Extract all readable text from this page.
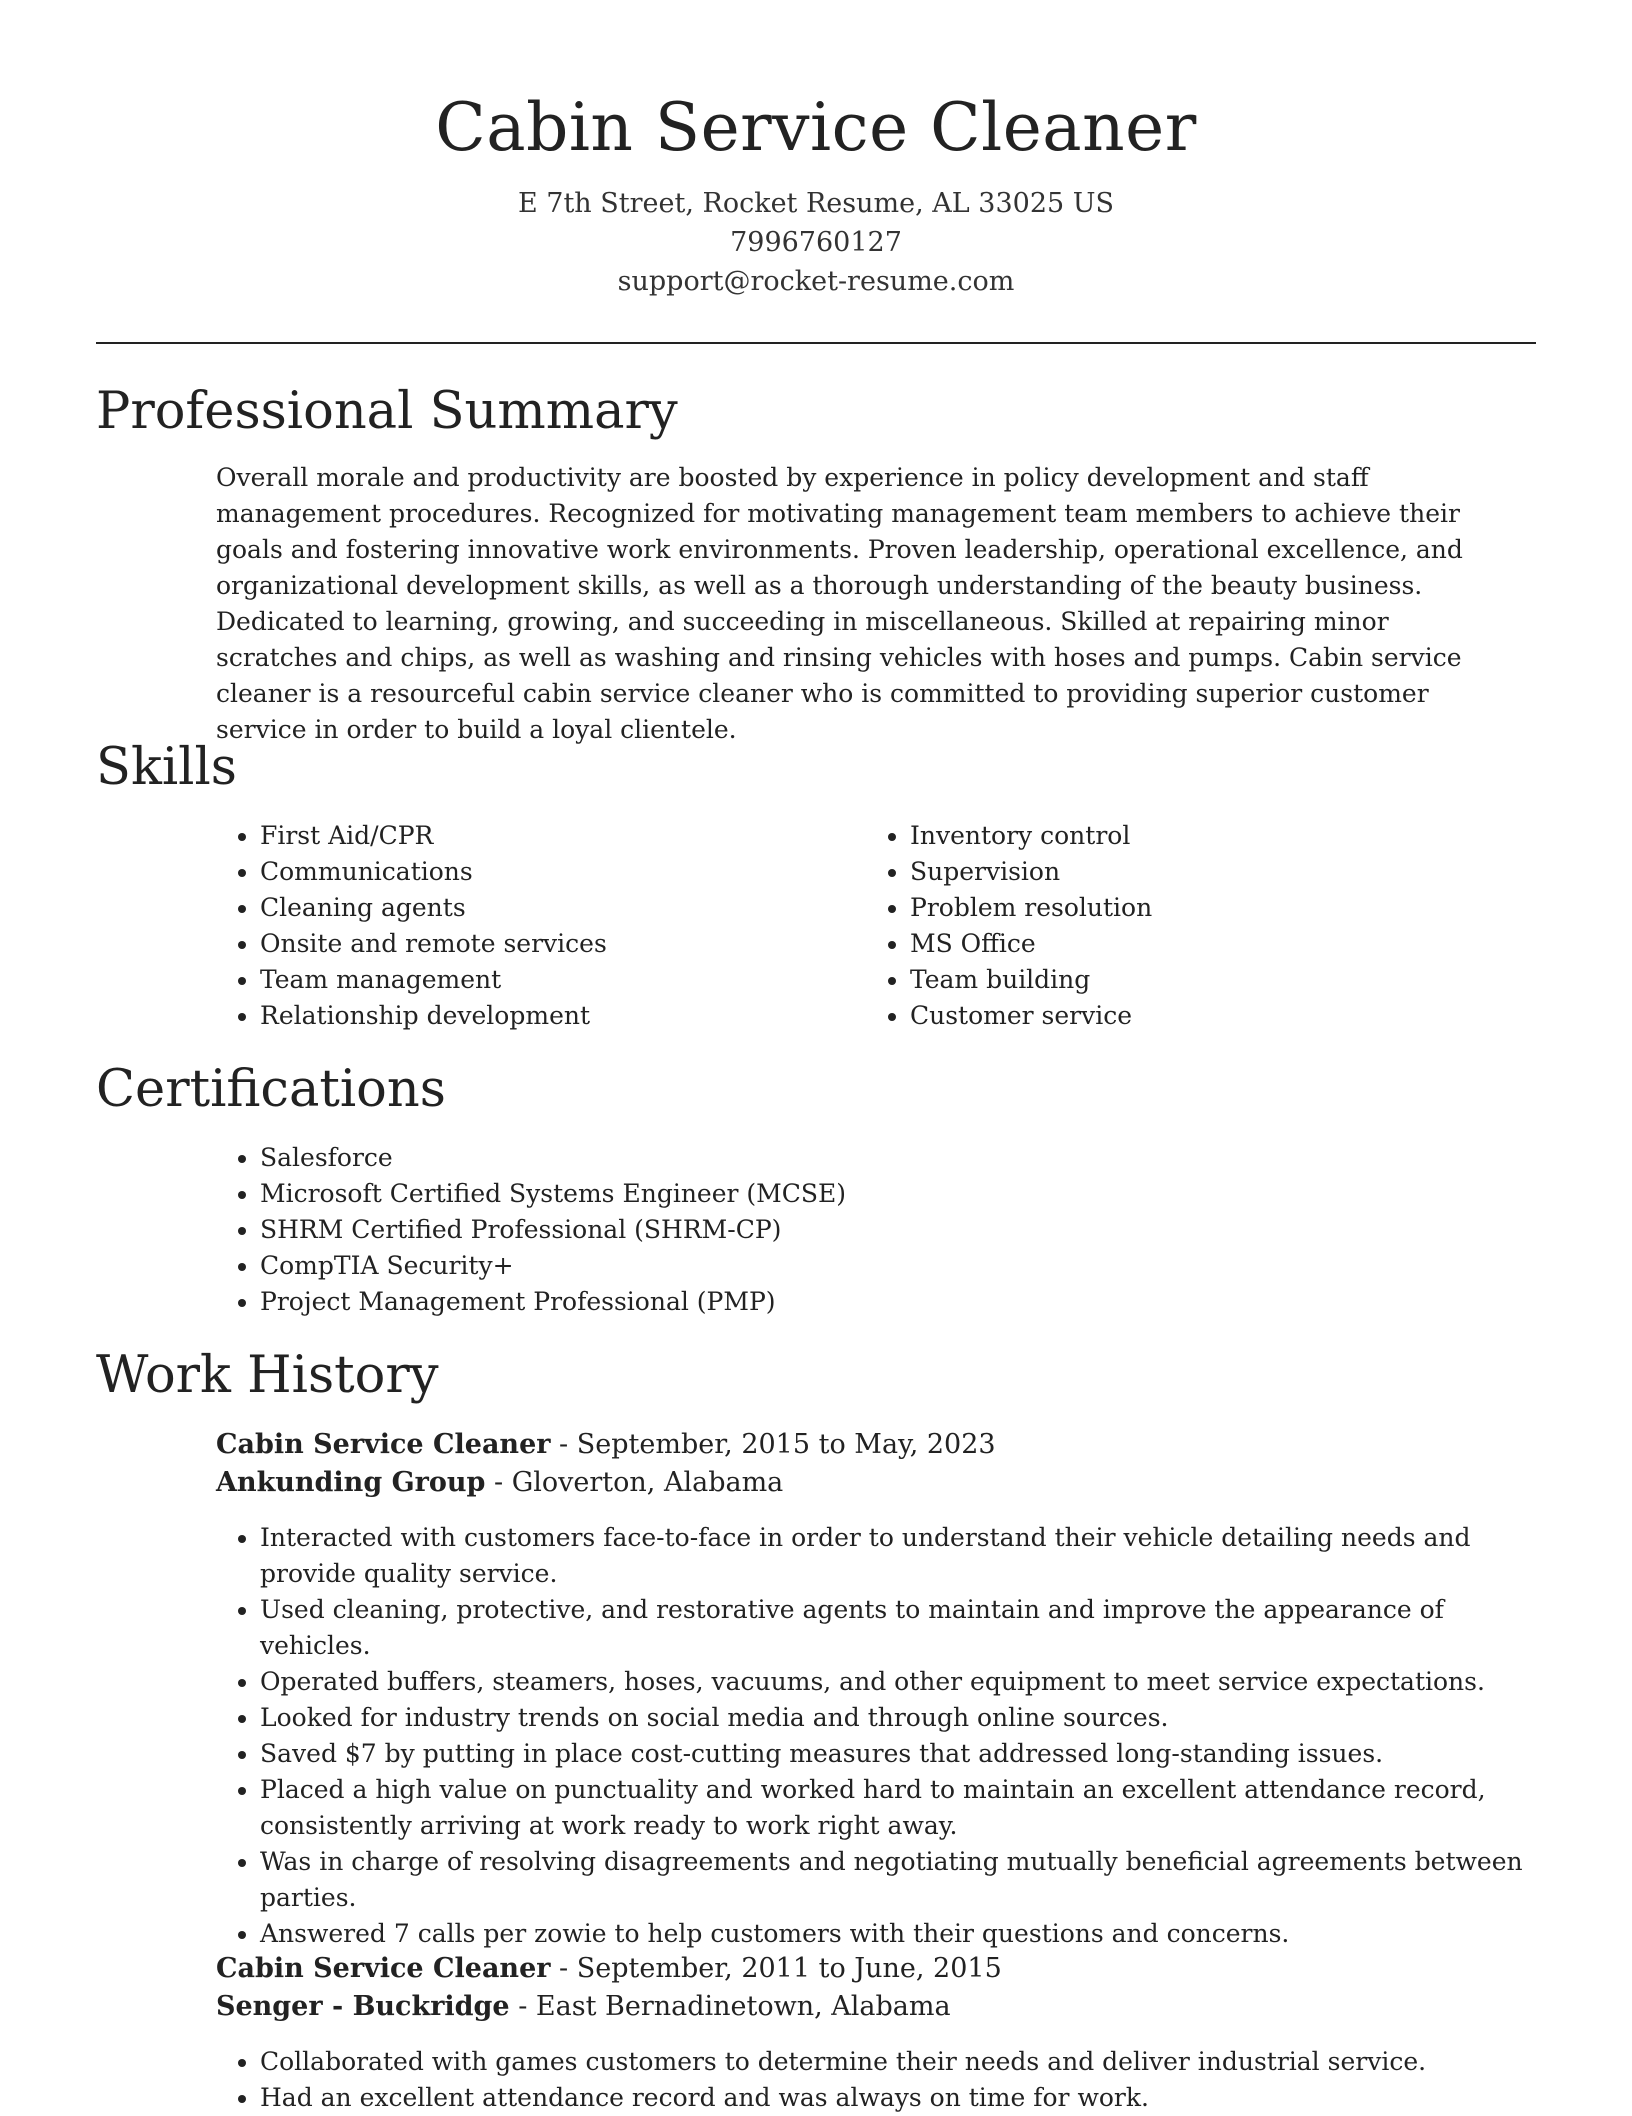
Cabin Service Cleaner
E 7th Street, Rocket Resume, AL 33025 US
7996760127
support@rocket-resume.com
Professional Summary

Overall morale and productivity are boosted by experience in policy development and staff management procedures. Recognized for motivating management team members to achieve their goals and fostering innovative work environments. Proven leadership, operational excellence, and organizational development skills, as well as a thorough understanding of the beauty business. Dedicated to learning, growing, and succeeding in miscellaneous. Skilled at repairing minor scratches and chips, as well as washing and rinsing vehicles with hoses and pumps. Cabin service cleaner is a resourceful cabin service cleaner who is committed to providing superior customer service in order to build a loyal clientele.

Skills
• First Aid/CPR
• Communications
• Cleaning agents
• Onsite and remote services
• Team management
• Relationship development
• Inventory control
• Supervision
• Problem resolution
• MS Office
• Team building
• Customer service
Certifications
• Salesforce
• Microsoft Certified Systems Engineer (MCSE)
• SHRM Certified Professional (SHRM-CP)
• CompTIA Security+
• Project Management Professional (PMP)
Work History
Cabin Service Cleaner - September, 2015 to May, 2023
Ankunding Group - Gloverton, Alabama
• Interacted with customers face-to-face in order to understand their vehicle detailing needs and provide quality service.
• Used cleaning, protective, and restorative agents to maintain and improve the appearance of vehicles.
• Operated buffers, steamers, hoses, vacuums, and other equipment to meet service expectations.
• Looked for industry trends on social media and through online sources.
• Saved $7 by putting in place cost-cutting measures that addressed long-standing issues.
• Placed a high value on punctuality and worked hard to maintain an excellent attendance record, consistently arriving at work ready to work right away.
• Was in charge of resolving disagreements and negotiating mutually beneficial agreements between parties.
• Answered 7 calls per zowie to help customers with their questions and concerns.
Cabin Service Cleaner - September, 2011 to June, 2015
Senger - Buckridge - East Bernadinetown, Alabama
• Collaborated with games customers to determine their needs and deliver industrial service.
• Had an excellent attendance record and was always on time for work.
